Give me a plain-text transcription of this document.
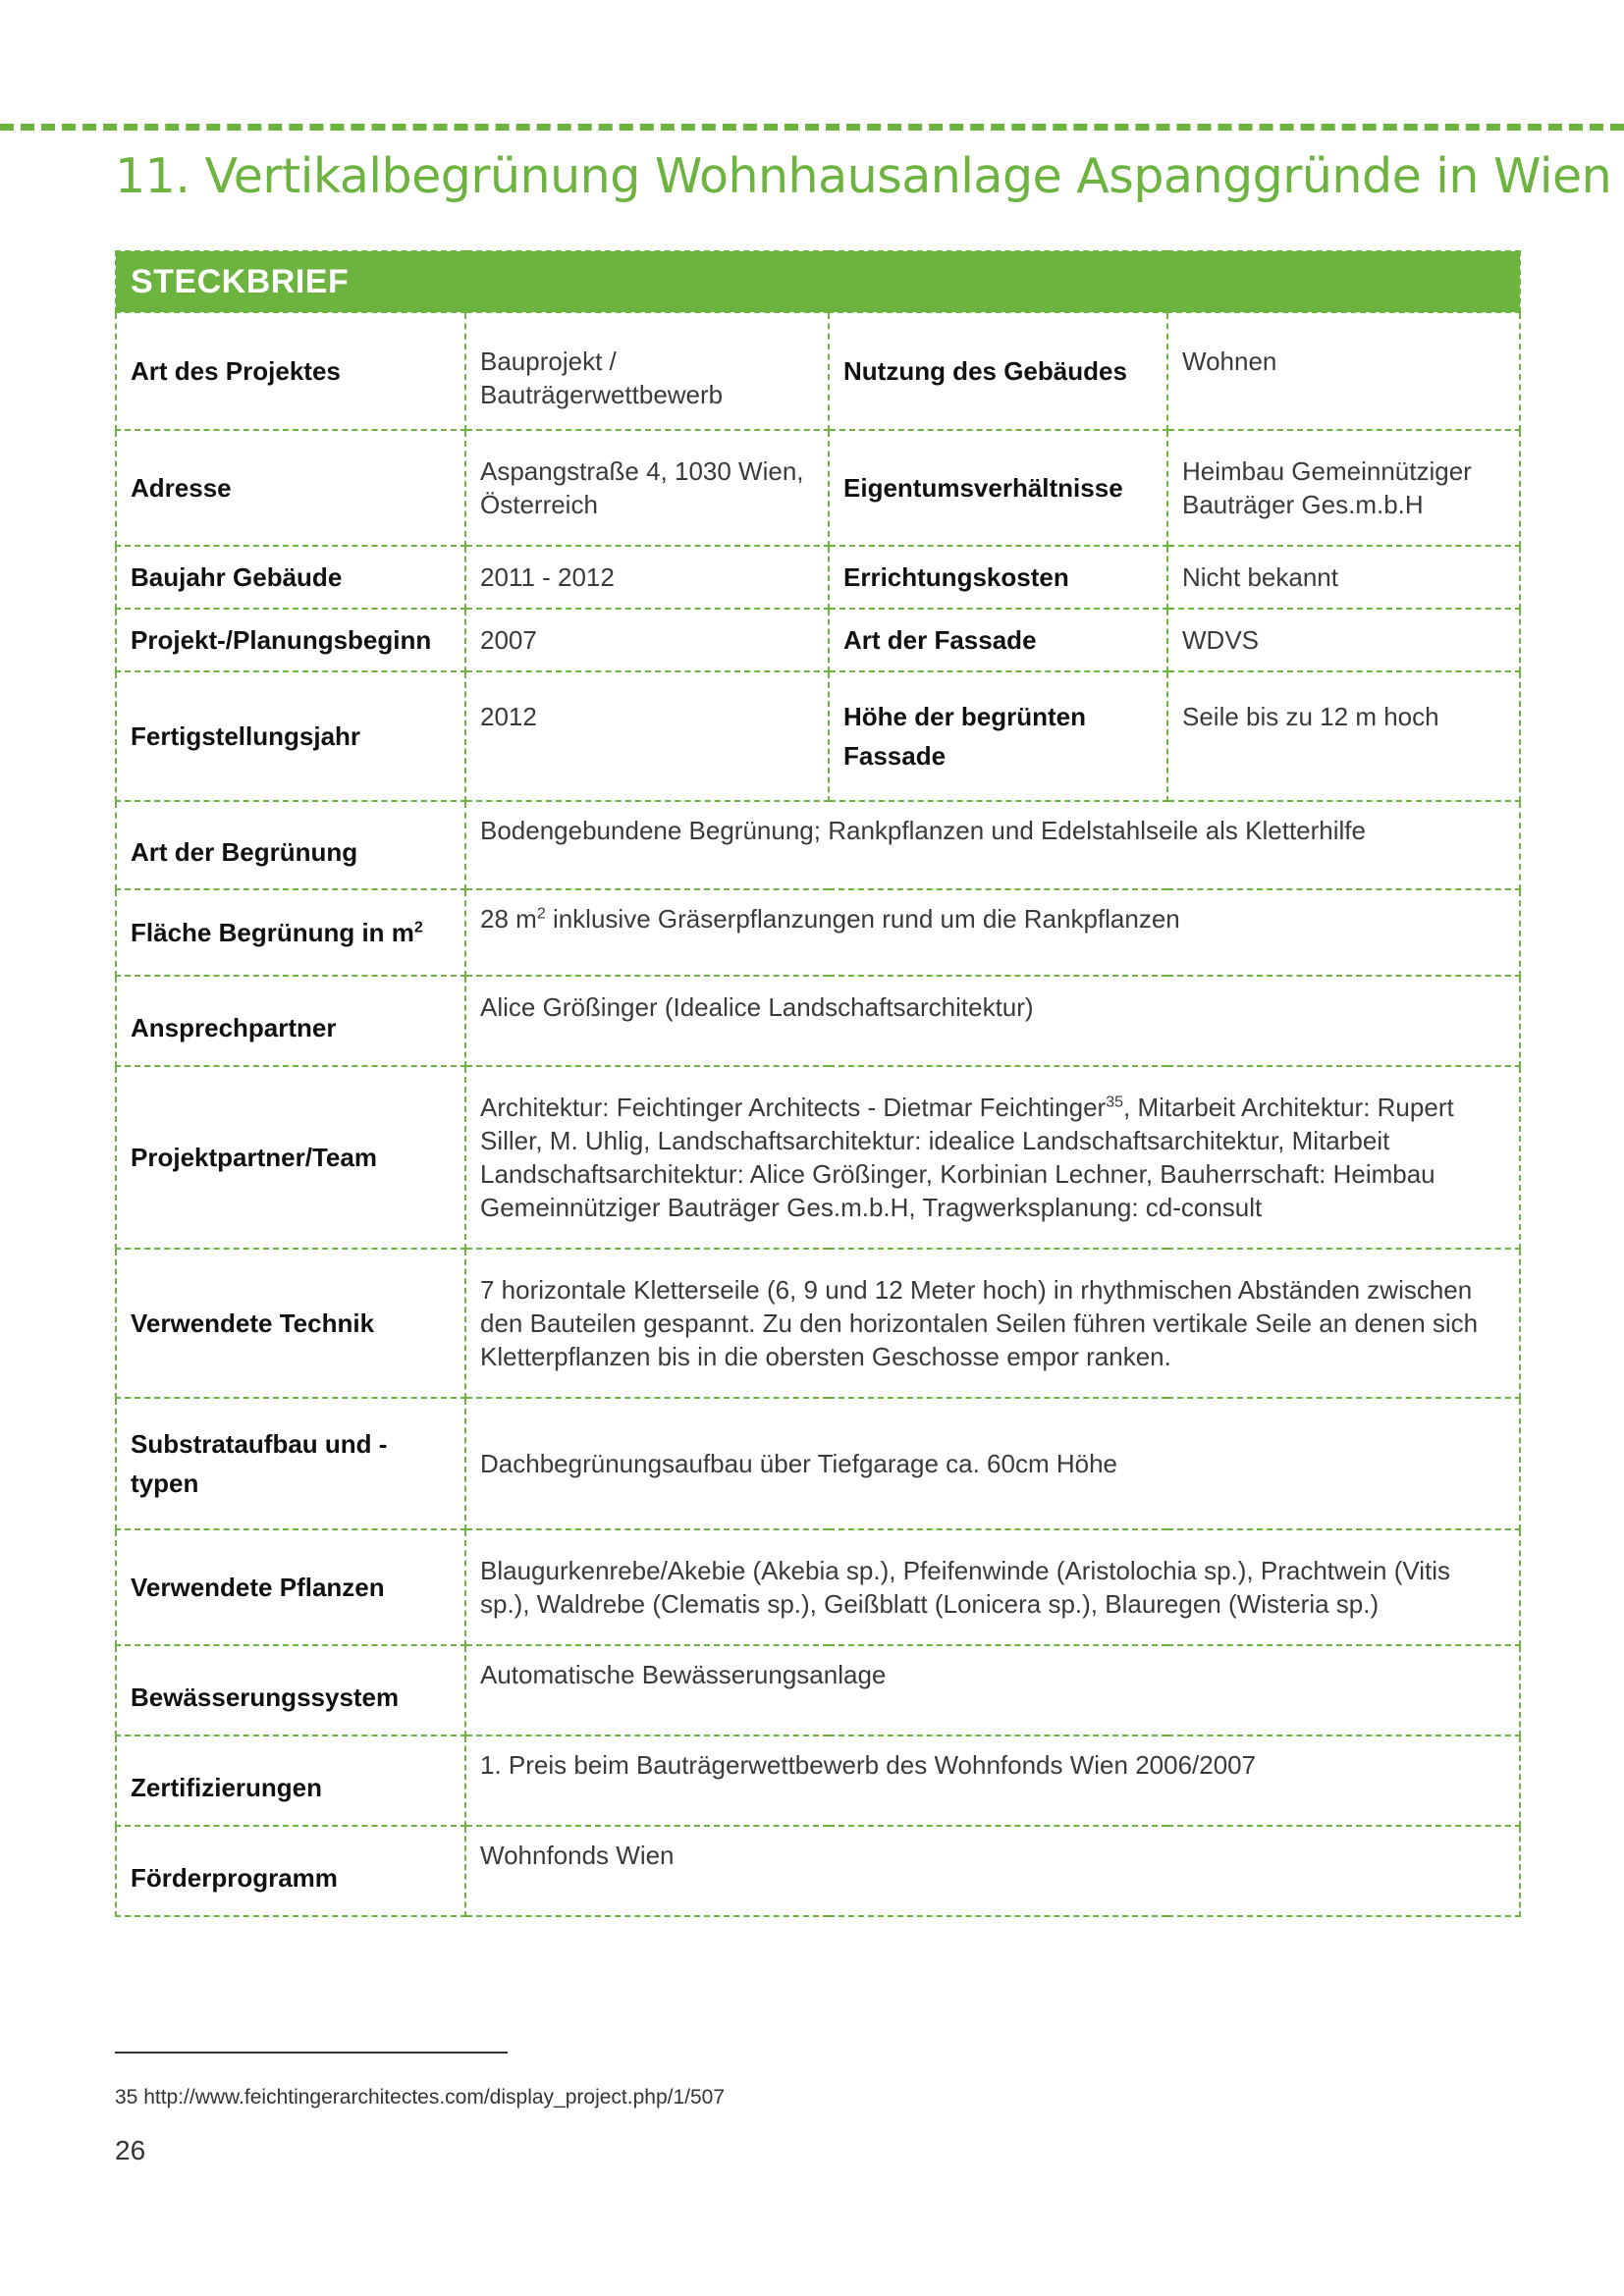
11. Vertikalbegrünung Wohnhausanlage Aspanggründe in Wien
STECKBRIEF			
Art des Projektes	Bauprojekt / Bauträgerwettbewerb	Nutzung des Gebäudes	Wohnen
Adresse	Aspangstraße 4, 1030 Wien, Österreich	Eigentumsverhältnisse	Heimbau Gemeinnütziger Bauträger Ges.m.b.H
Baujahr Gebäude	2011 - 2012	Errichtungskosten	Nicht bekannt
Projekt-/Planungsbeginn	2007	Art der Fassade	WDVS
Fertigstellungsjahr	2012	Höhe der begrünten Fassade	Seile bis zu 12 m hoch
Art der Begrünung	Bodengebundene Begrünung; Rankpflanzen und Edelstahlseile als Kletterhilfe		
Fläche Begrünung in $m^2$	28 $m^2$ inklusive Gräserpflanzungen rund um die Rankpflanzen		
Ansprechpartner	Alice Größinger (Idealice Landschaftsarchitektur)		
Projektpartner/Team	Architektur: Feichtinger Architects - Dietmar Feichtinger$^{35}$, Mitarbeit Architektur: Rupert Siller, M. Uhlig, Landschaftsarchitektur: idealice Landschaftsarchitektur, Mitarbeit Landschaftsarchitektur: Alice Größinger, Korbinian Lechner, Bauherrschaft: Heimbau Gemeinnütziger Bauträger Ges.m.b.H, Tragwerksplanung: cd-consult		
Verwendete Technik	7 horizontale Kletterseile (6, 9 und 12 Meter hoch) in rhythmischen Abständen zwischen den Bauteilen gespannt. Zu den horizontalen Seilen führen vertikale Seile an denen sich Kletterpflanzen bis in die obersten Geschosse empor ranken.		
Substrataufbau und -typen	Dachbegrünungsaufbau über Tiefgarage ca. 60cm Höhe		
Verwendete Pflanzen	Blaugurkenrebe/Akebie (Akebia sp.), Pfeifenwinde (Aristolochia sp.), Prachtwein (Vitis sp.), Waldrebe (Clematis sp.), Geißblatt (Lonicera sp.), Blauregen (Wisteria sp.)		
Bewässerungssystem	Automatische Bewässerungsanlage		
Zertifizierungen	1. Preis beim Bauträgerwettbewerb des Wohnfonds Wien 2006/2007		
Förderprogramm	Wohnfonds Wien		
35 http://www.feichtingerarchitectes.com/display_project.php/1/507
26
